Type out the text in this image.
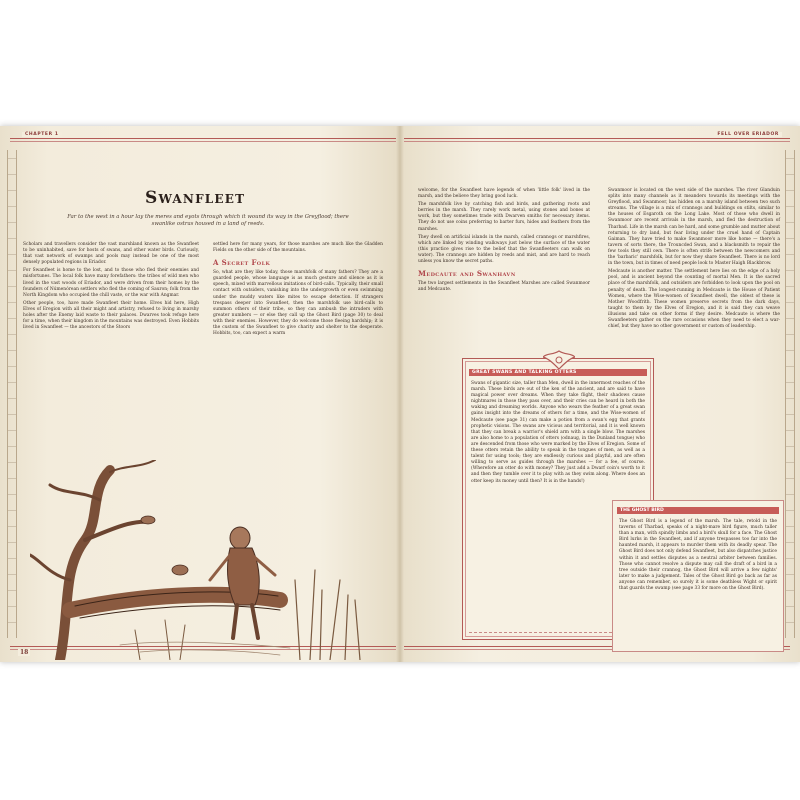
CHAPTER 1
18
Swanfleet
Far to the west in a hour lay the meres and eyots through which it wound its way in the Greyflood; there swanlike ostras housed in a land of reeds.

Scholars and travellers consider the vast marshland known as the Swanfleet to be uninhabited, save for hosts of swans, and other water birds. Curiously, that vast network of swamps and pools may instead be one of the most densely populated regions in Eriador.

For Swanfleet is home to the lost, and to those who fled their enemies and misfortunes. The local folk have many forefathers: the tribes of wild men who lived in the vast woods of Eriador, and were driven from their homes by the founders of Númenórean settlers who fled the coming of Sauron; folk from the North Kingdom who occupied the chill vaste, or the war with Angmar.

Other people, too, have made Swanfleet their home. Elves hid here, High Elves of Eregion with all their might and artistry, refused to living in marshy holes after the Enemy laid waste to their palaces. Dwarves took refuge here for a time, when their kingdom in the mountains was destroyed. Even Hobbits lived in Swanfleet — the ancestors of the Stoors

settled here for many years, for those marshes are much like the Gladden Fields on the other side of the mountains.

A Secret Folk

So, what are they like today, those marshfolk of many fathers? They are a guarded people, whose language is as much gesture and silence as it is speech, mixed with marvellous imitations of bird-calls. Typically, their small contact with outsiders, vanishing into the undergrowth or even swimming under the muddy waters like mites to escape detection. If strangers trespass deeper into Swanfleet, then the marshfolk use bird-calls to summon others of their tribe, so they can ambush the intruders with greater numbers — or else they call up the Ghost Bird (page 30) to deal with their enemies. However, they do welcome those fleeing hardship; it is the custom of the Swanfleet to give charity and shelter to the desperate. Hobbits, too, can expect a warm

FELL OVER ERIADOR

welcome, for the Swanfleet have legends of when 'little folk' lived in the marsh, and the believe they bring good luck.

The marshfolk live by catching fish and birds, and gathering roots and berries in the marsh. They rarely work metal, using stones and bones at work, but they sometimes trade with Dwarven smiths for necessary items. They do not use coins preferring to barter furs, hides and feathers from the marshes.

They dwell on artificial islands in the marsh, called crannogs or marshfires, which are linked by winding walkways just below the surface of the water (this practice gives rise to the belief that the Swanfleeters can walk on water). The crannogs are hidden by reeds and mist, and are hard to reach unless you know the secret paths.

Medcaute and Swanhavn

The two largest settlements in the Swanfleet Marshes are called Swanmoor and Medcaute.

Swanmoor is located on the west side of the marshes. The river Glanduin splits into many channels as it meanders towards its meetings with the Greyflood, and Swanmoor, has hidden on a marshy island between two such streams. The village is a mix of crannogs and buildings on stilts, similar to the houses of Esgaroth on the Long Lake. Most of those who dwell in Swanmoor are recent arrivals in the marsh, and fled the destruction of Tharbad. Life in the marsh can be hard, and some grumble and mutter about returning to dry land, but fear living under the cruel hand of Captain Gaiman. They have tried to make Swanmoor more like home — there's a tavern of sorts there, the Trouncded Swan, and a blacksmith to repair the few tools they still own. There is often strife between the newcomers and the 'barbaric' marshfolk, but for now they share Swanfleet. There is no lord in the town, but in times of need people look to Master Haigh Blackbrow.

Medcaute is another matter. The settlement here lies on the edge of a holy pool, and is ancient beyond the counting of mortal Men. It is the sacred place of the marshfolk, and outsiders are forbidden to look upon the pool on penalty of death. The longest-running in Medcaute is the House of Patient Women, where the Wise-women of Swanfleet dwell, the oldest of these is Mother Woodfrith. These women preserve secrets from the dark days, taught to them by the Elves of Eregion, and it is said they can weave illusions and take on other forms if they desire. Medcaute is where the Swanfleeters gather on the rare occasions when they need to elect a war-chief, but they have no other government or custom of leadership.

GREAT SWANS AND TALKING OTTERS

Swans of gigantic size, taller than Men, dwell in the innermost reaches of the marsh. These birds are out of the ken of the ancient, and are said to have magical power over dreams. When they take flight, their shadows cause nightmares in those they pass over, and their cries can be heard in both the waking and dreaming worlds. Anyone who wears the feather of a great swan gains insight into the dreams of others for a time, and the Wise-women of Medcaute (see page 31) can make a potion from a swan's egg that grants prophetic visions. The swans are vicious and territorial, and it is well known that they can break a warrior's shield arm with a single blow. The marshes are also home to a population of otters (odnaug, in the Dunland tongue) who are descended from those who were marked by the Elves of Eregion. Some of these otters retain the ability to speak in the tongues of men, as well as a talent for using tools; they are endlessly curious and playful, and are often willing to serve as guides through the marshes — for a fee, of course. (Wherefore an otter do with money? They just add a Dwarf coin's worth to it and then they tumble over it to play with as they swim along. Where does an otter keep its money until then? It is in the hands!)

THE GHOST BIRD

The Ghost Bird is a legend of the marsh. The tale, retold in the taverns of Tharbad, speaks of a night-mare bird figure, much taller than a man, with spindly limbs and a bird's skull for a face. The Ghost Bird lurks in the Swanfleet, and if anyone trespasses too far into the haunted marsh, it appears to murder them with its deadly spear. The Ghost Bird does not only defend Swanfleet, but also dispatches justice within it and settles disputes as a neutral arbiter between families. Those who cannot resolve a dispute may call the draft of a bird in a tree outside their crannog, the Ghost Bird will arrive a few nights' later to make a judgement. Tales of the Ghost Bird go back as far as anyone can remember, so surely it is some deathless Wight or spirit that guards the swamp (see page 33 for more on the Ghost Bird).
